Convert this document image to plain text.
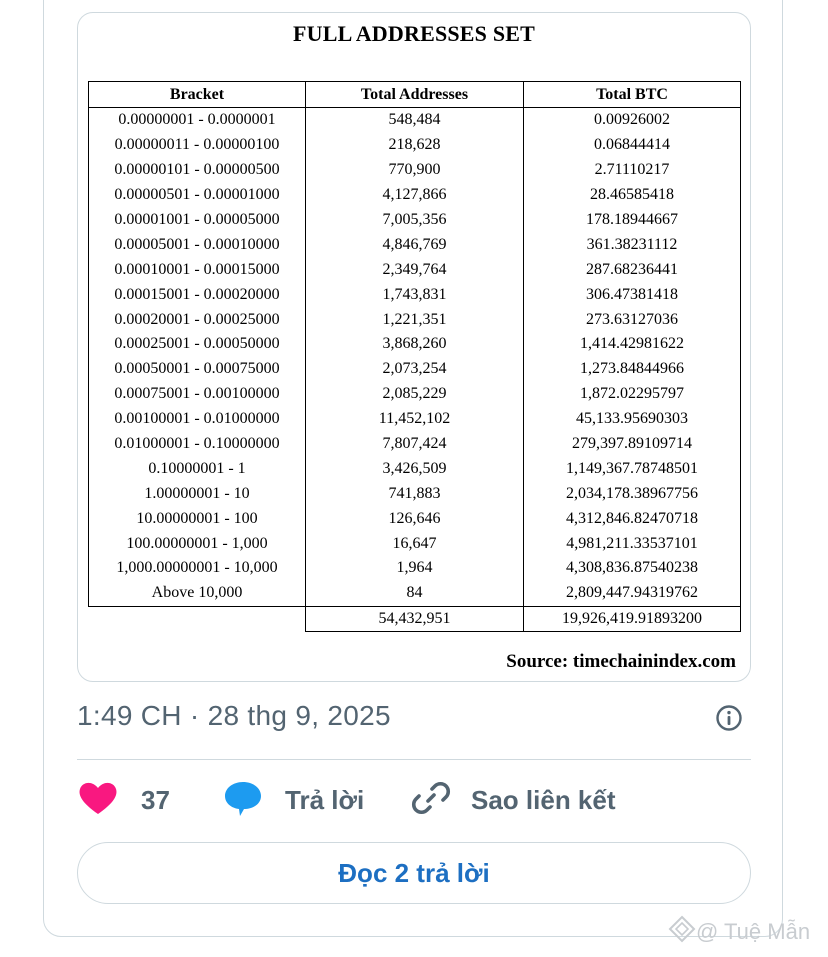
FULL ADDRESSES SET
Bracket	Total Addresses	Total BTC
0.00000001 - 0.0000001	548,484	0.00926002
0.00000011 - 0.00000100	218,628	0.06844414
0.00000101 - 0.00000500	770,900	2.71110217
0.00000501 - 0.00001000	4,127,866	28.46585418
0.00001001 - 0.00005000	7,005,356	178.18944667
0.00005001 - 0.00010000	4,846,769	361.38231112
0.00010001 - 0.00015000	2,349,764	287.68236441
0.00015001 - 0.00020000	1,743,831	306.47381418
0.00020001 - 0.00025000	1,221,351	273.63127036
0.00025001 - 0.00050000	3,868,260	1,414.42981622
0.00050001 - 0.00075000	2,073,254	1,273.84844966
0.00075001 - 0.00100000	2,085,229	1,872.02295797
0.00100001 - 0.01000000	11,452,102	45,133.95690303
0.01000001 - 0.10000000	7,807,424	279,397.89109714
0.10000001 - 1	3,426,509	1,149,367.78748501
1.00000001 - 10	741,883	2,034,178.38967756
10.00000001 - 100	126,646	4,312,846.82470718
100.00000001 - 1,000	16,647	4,981,211.33537101
1,000.00000001 - 10,000	1,964	4,308,836.87540238
Above 10,000	84	2,809,447.94319762
	54,432,951	19,926,419.91893200
Source: timechainindex.com
1:49 CH · 28 thg 9, 2025
37	Trả lời	Sao liên kết
Đọc 2 trả lời
@ Tuệ Mẫn
